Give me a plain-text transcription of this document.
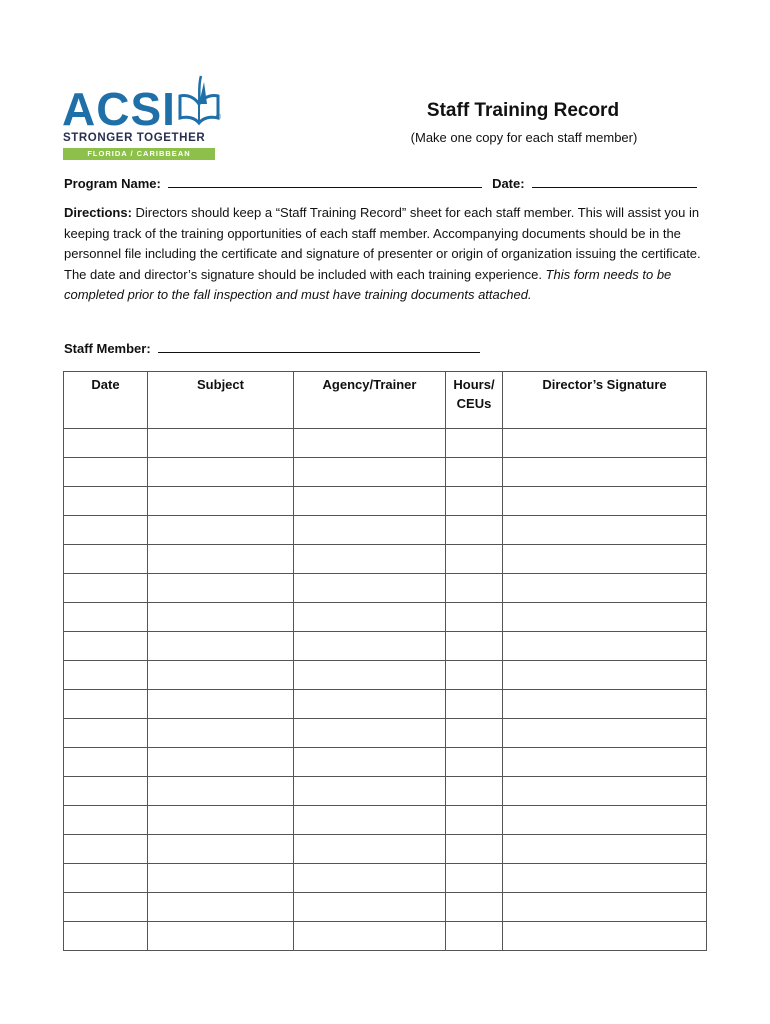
ACSI	®
STRONGER TOGETHER
FLORIDA / CARIBBEAN
Staff Training Record
(Make one copy for each staff member)
Program Name:	Date:
Directions: Directors should keep a “Staff Training Record” sheet for each staff member. This will assist you in keeping track of the training opportunities of each staff member. Accompanying documents should be in the personnel file including the certificate and signature of presenter or origin of organization issuing the certificate. The date and director’s signature should be included with each training experience. This form needs to be completed prior to the fall inspection and must have training documents attached.
Staff Member:
Date	Subject	Agency/Trainer	Hours/ CEUs	Director’s Signature
